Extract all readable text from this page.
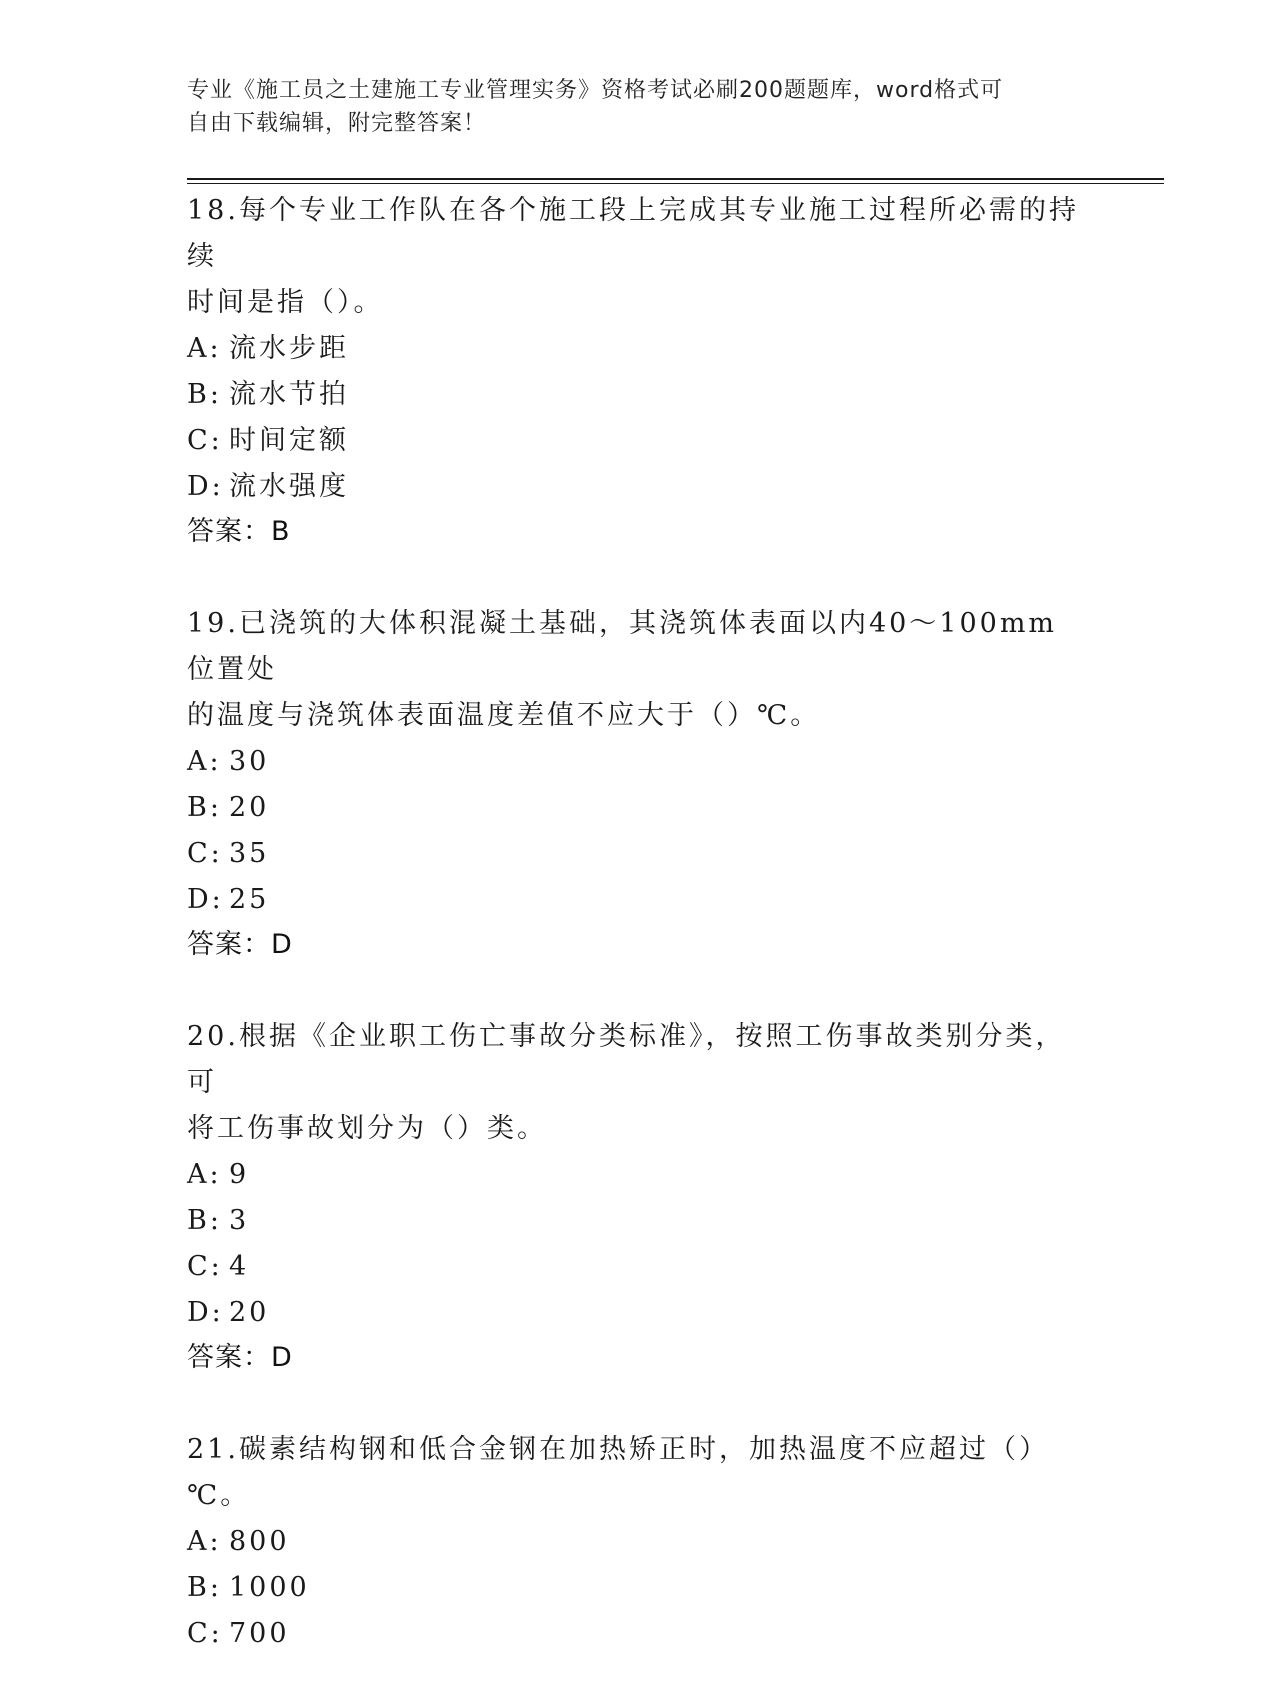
专业《施工员之土建施工专业管理实务》资格考试必刷200题题库，word格式可
自由下载编辑，附完整答案！
18.每个专业工作队在各个施工段上完成其专业施工过程所必需的持续
时间是指（）。
A: 流水步距
B: 流水节拍
C: 时间定额
D: 流水强度
答案：B
19.已浇筑的大体积混凝土基础，其浇筑体表面以内40～100mm位置处
的温度与浇筑体表面温度差值不应大于（）℃。
A: 30
B: 20
C: 35
D: 25
答案：D
20.根据《企业职工伤亡事故分类标准》，按照工伤事故类别分类，可
将工伤事故划分为（）类。
A: 9
B: 3
C: 4
D: 20
答案：D
21.碳素结构钢和低合金钢在加热矫正时，加热温度不应超过（）℃。
A: 800
B: 1000
C: 700
